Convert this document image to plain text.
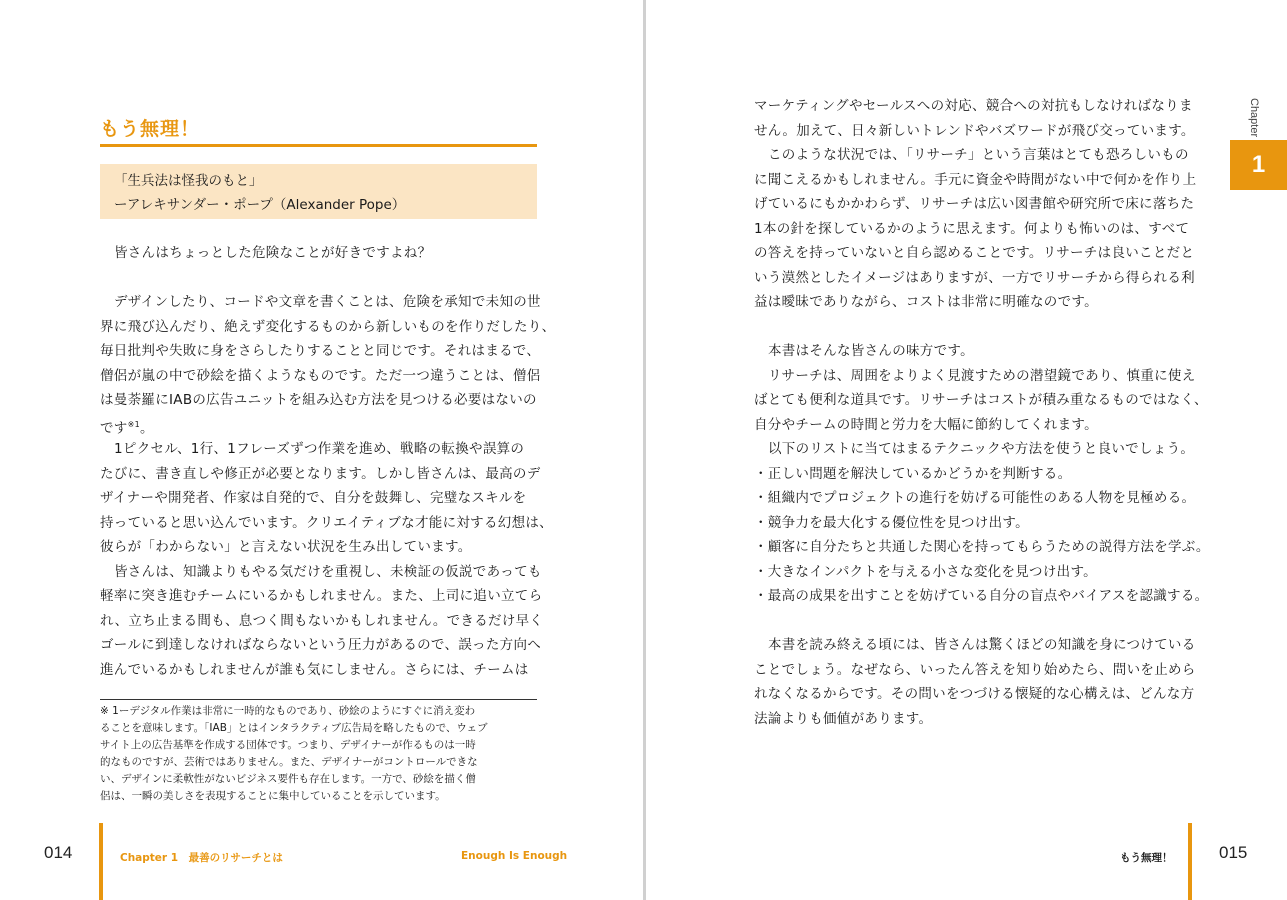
もう無理！
「生兵法は怪我のもと」
ーアレキサンダー・ポープ（Alexander Pope）
皆さんはちょっとした危険なことが好きですよね？
デザインしたり、コードや文章を書くことは、危険を承知で未知の世
界に飛び込んだり、絶えず変化するものから新しいものを作りだしたり、
毎日批判や失敗に身をさらしたりすることと同じです。それはまるで、
僧侶が嵐の中で砂絵を描くようなものです。ただ一つ違うことは、僧侶
は曼荼羅にIABの広告ユニットを組み込む方法を見つける必要はないの
です$^{※1}$。
1ピクセル、1行、1フレーズずつ作業を進め、戦略の転換や誤算の
たびに、書き直しや修正が必要となります。しかし皆さんは、最高のデ
ザイナーや開発者、作家は自発的で、自分を鼓舞し、完璧なスキルを
持っていると思い込んでいます。クリエイティブな才能に対する幻想は、
彼らが「わからない」と言えない状況を生み出しています。
皆さんは、知識よりもやる気だけを重視し、未検証の仮説であっても
軽率に突き進むチームにいるかもしれません。また、上司に追い立てら
れ、立ち止まる間も、息つく間もないかもしれません。できるだけ早く
ゴールに到達しなければならないという圧力があるので、誤った方向へ
進んでいるかもしれませんが誰も気にしません。さらには、チームは
※ 1ーデジタル作業は非常に一時的なものであり、砂絵のようにすぐに消え変わ
ることを意味します。「IAB」とはインタラクティブ広告局を略したもので、ウェブ
サイト上の広告基準を作成する団体です。つまり、デザイナーが作るものは一時
的なものですが、芸術ではありません。また、デザイナーがコントロールできな
い、デザインに柔軟性がないビジネス要件も存在します。一方で、砂絵を描く僧
侶は、一瞬の美しさを表現することに集中していることを示しています。
014	Chapter 1　最善のリサーチとは	Enough Is Enough
マーケティングやセールスへの対応、競合への対抗もしなければなりま
せん。加えて、日々新しいトレンドやバズワードが飛び交っています。
このような状況では、「リサーチ」という言葉はとても恐ろしいもの
に聞こえるかもしれません。手元に資金や時間がない中で何かを作り上
げているにもかかわらず、リサーチは広い図書館や研究所で床に落ちた
1本の針を探しているかのように思えます。何よりも怖いのは、すべて
の答えを持っていないと自ら認めることです。リサーチは良いことだと
いう漠然としたイメージはありますが、一方でリサーチから得られる利
益は曖昧でありながら、コストは非常に明確なのです。
本書はそんな皆さんの味方です。
リサーチは、周囲をよりよく見渡すための潜望鏡であり、慎重に使え
ばとても便利な道具です。リサーチはコストが積み重なるものではなく、
自分やチームの時間と労力を大幅に節約してくれます。
以下のリストに当てはまるテクニックや方法を使うと良いでしょう。
・正しい問題を解決しているかどうかを判断する。
・組織内でプロジェクトの進行を妨げる可能性のある人物を見極める。
・競争力を最大化する優位性を見つけ出す。
・顧客に自分たちと共通した関心を持ってもらうための説得方法を学ぶ。
・大きなインパクトを与える小さな変化を見つけ出す。
・最高の成果を出すことを妨げている自分の盲点やバイアスを認識する。
本書を読み終える頃には、皆さんは驚くほどの知識を身につけている
ことでしょう。なぜなら、いったん答えを知り始めたら、問いを止めら
れなくなるからです。その問いをつづける懐疑的な心構えは、どんな方
法論よりも価値があります。
もう無理！	015
Chapter
1
